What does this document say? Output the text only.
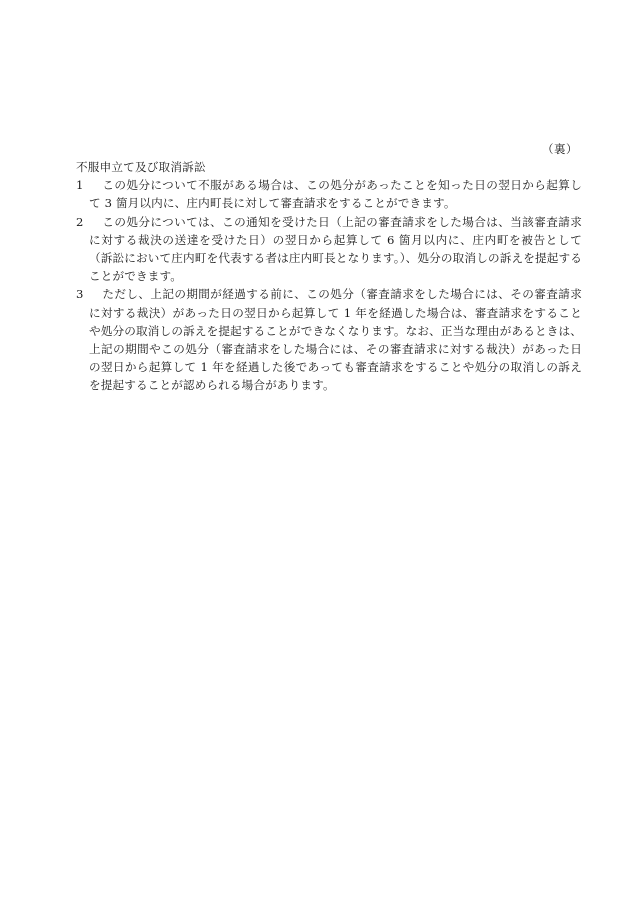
（裏）
不服申立て及び取消訴訟
1	この処分について不服がある場合は、この処分があったことを知った日の翌日から起算して 3 箇月以内に、庄内町長に対して審査請求をすることができます。
2	この処分については、この通知を受けた日（上記の審査請求をした場合は、当該審査請求に対する裁決の送達を受けた日）の翌日から起算して 6 箇月以内に、庄内町を被告として（訴訟において庄内町を代表する者は庄内町長となります。）、処分の取消しの訴えを提起することができます。
3	ただし、上記の期間が経過する前に、この処分（審査請求をした場合には、その審査請求に対する裁決）があった日の翌日から起算して 1 年を経過した場合は、審査請求をすることや処分の取消しの訴えを提起することができなくなります。なお、正当な理由があるときは、上記の期間やこの処分（審査請求をした場合には、その審査請求に対する裁決）があった日の翌日から起算して 1 年を経過した後であっても審査請求をすることや処分の取消しの訴えを提起することが認められる場合があります。
